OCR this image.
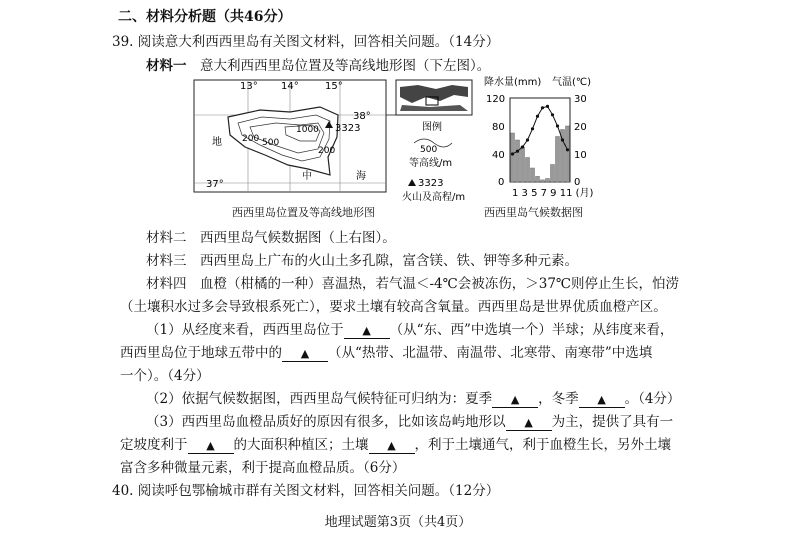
二、材料分析题（共46分）
39. 阅读意大利西西里岛有关图文材料，回答相关问题。（14分）
材料一　 意大利西西里岛位置及等高线地形图（下左图）。
3323
13° 14°	15°
38°
37°
1000
500
200
200
地
中	海
图例
500
等高线/m
3323
火山及高程/m
西西里岛位置及等高线地形图
降水量(mm) 气温(℃)
120
80
40
0
30
20
10
0
1 3 5 7 9 11 (月)
西西里岛气候数据图
材料二　西西里岛气候数据图（上右图）。
材料三　西西里岛上广布的火山土多孔隙，富含镁、铁、钾等多种元素。
材料四　血橙（柑橘的一种）喜温热，若气温＜-4℃会被冻伤，＞37℃则停止生长，怕涝
（土壤积水过多会导致根系死亡），要求土壤有较高含氧量。西西里岛是世界优质血橙产区。
（1）从经度来看，西西里岛位于 ▲ （从“东、西”中选填一个）半球；从纬度来看，
西西里岛位于地球五带中的 ▲ （从“热带、北温带、南温带、北寒带、南寒带”中选填
一个）。（4分）
（2）依据气候数据图，西西里岛气候特征可归纳为：夏季 ▲ ，冬季 ▲ 。（4分）
（3）西西里岛血橙品质好的原因有很多，比如该岛屿地形以 ▲ 为主，提供了具有一
定坡度利于 ▲ 的大面积种植区；土壤 ▲ ，利于土壤通气，利于血橙生长，另外土壤
富含多种微量元素，利于提高血橙品质。（6分）
40. 阅读呼包鄂榆城市群有关图文材料，回答相关问题。（12分）
地理试题第3页（共4页）
